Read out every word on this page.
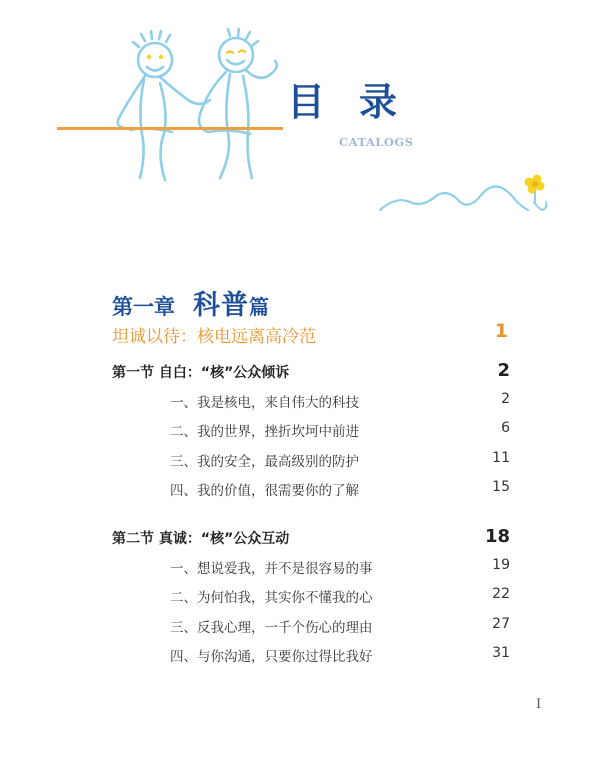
目录
CATALOGS
第一章 科普篇
坦诚以待：核电远离高冷范	1
第一节 自白：“核”公众倾诉	2
一、我是核电，来自伟大的科技	2
二、我的世界，挫折坎坷中前进	6
三、我的安全，最高级别的防护	11
四、我的价值，很需要你的了解	15
第二节 真诚：“核”公众互动	18
一、想说爱我，并不是很容易的事	19
二、为何怕我，其实你不懂我的心	22
三、反我心理，一千个伤心的理由	27
四、与你沟通，只要你过得比我好	31
I
